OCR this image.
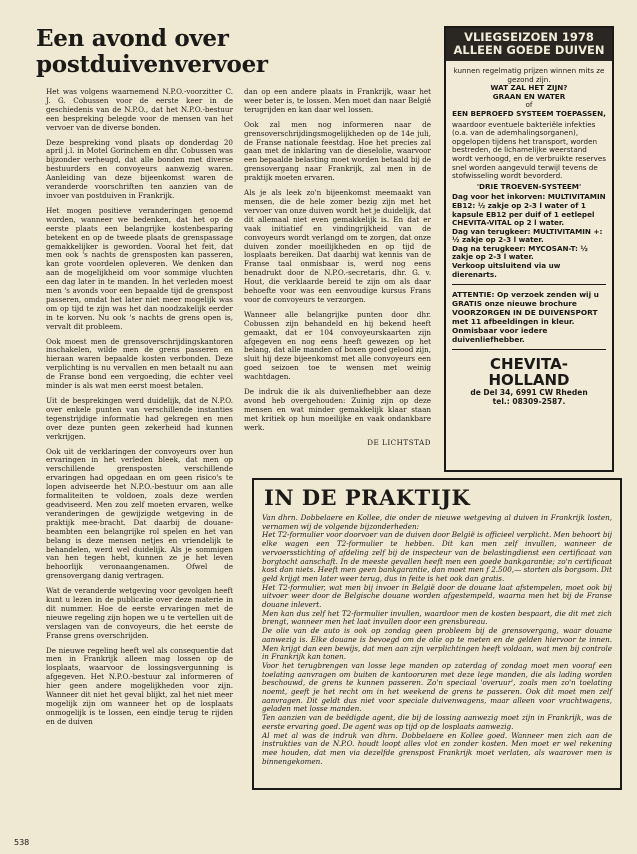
Een avond over postduivenvervoer

Het was volgens waarnemend N.P.O.-voorzitter C. J. G. Cobussen voor de eerste keer in de geschiedenis van de N.P.O., dat het N.P.O.-bestuur een bespreking belegde voor de mensen van het vervoer van de diverse bonden.

Deze bespreking vond plaats op donderdag 20 april j.l. in Motel Gorinchem en dhr. Cobussen was bijzonder verheugd, dat alle bonden met diverse bestuurders en convoyeurs aanwezig waren. Aanleiding van deze bijeenkomst waren de veranderde voorschriften ten aanzien van de invoer van postduiven in Frankrijk.

Het mogen positieve veranderingen genoemd worden, wanneer we bedenken, dat het op de eerste plaats een belangrijke kostenbesparing betekent en op de tweede plaats de grenspassage gemakkelijker is geworden. Vooral het feit, dat men ook 's nachts de grensposten kan passeren, kan grote voordelen opleveren. We denken dan aan de mogelijkheid om voor sommige vluchten een dag later in te manden. In het verleden moest men 's avonds voor een bepaalde tijd de grenspost passeren, omdat het later niet meer mogelijk was om op tijd te zijn was het dan noodzakelijk eerder in te korven. Nu ook 's nachts de grens open is, vervalt dit probleem.

Ook moest men de grensoverschrijdingskantoren inschakelen, wilde men de grens passeren en hieraan waren bepaalde kosten verbonden. Deze verplichting is nu vervallen en men betaalt nu aan de Franse bond een vergoeding, die echter veel minder is als wat men eerst moest betalen.

Uit de besprekingen werd duidelijk, dat de N.P.O. over enkele punten van verschillende instanties tegenstrijdige informatie had gekregen en men over deze punten geen zekerheid had kunnen verkrijgen.

Ook uit de verklaringen der convoyeurs over hun ervaringen in het verleden bleek, dat men op verschillende grensposten verschillende ervaringen had opgedaan en om geen risico's te lopen adviseerde het N.P.O.-bestuur om aan alle formaliteiten te voldoen, zoals deze werden geadviseerd. Men zou zelf moeten ervaren, welke veranderingen de gewijzigde wetgeving in de praktijk mee-bracht. Dat daarbij de douane-beambten een belangrijke rol spelen en het van belang is deze mensen netjes en vriendelijk te behandelen, werd wel duidelijk. Als je sommigen van hen tegen hebt, kunnen ze je het leven behoorlijk veronaangenamen. Ofwel de grensovergang danig vertragen.

Wat de veranderde wetgeving voor gevolgen heeft kunt u lezen in de publicatie over deze materie in dit nummer. Hoe de eerste ervaringen met de nieuwe regeling zijn hopen we u te vertellen uit de verslagen van de convoyeurs, die het eerste de Franse grens overschrijden.

De nieuwe regeling heeft wel als consequentie dat men in Frankrijk alleen mag lossen op de losplaats, waarvoor de lossingsvergunning is afgegeven. Het N.P.O.-bestuur zal informeren of hier geen andere mogelijkheden voor zijn. Wanneer dit niet het geval blijkt, zal het niet meer mogelijk zijn om wanneer het op de losplaats onmogelijk is te lossen, een eindje terug te rijden en de duiven

dan op een andere plaats in Frankrijk, waar het weer beter is, te lossen. Men moet dan naar België terugrijden en kan daar wel lossen.

Ook zal men nog informeren naar de grensoverschrijdingsmogelijkheden op de 14e juli, de Franse nationale feestdag. Hoe het precies zal gaan met de inklaring van de dieselolie, waarvoor een bepaalde belasting moet worden betaald bij de grensovergang naar Frankrijk, zal men in de praktijk moeten ervaren.

Als je als leek zo'n bijeenkomst meemaakt van mensen, die de hele zomer bezig zijn met het vervoer van onze duiven wordt het je duidelijk, dat dit allemaal niet even gemakkelijk is. En dat er vaak initiatief en vindingrijkheid van de convoyeurs wordt verlangd om te zorgen, dat onze duiven zonder moeilijkheden en op tijd de losplaats bereiken. Dat daarbij wat kennis van de Franse taal onmisbaar is, werd nog eens benadrukt door de N.P.O.-secretaris, dhr. G. v. Hout, die verklaarde bereid te zijn om als daar behoefte voor was een eenvoudige kursus Frans voor de convoyeurs te verzorgen.

Wanneer alle belangrijke punten door dhr. Cobussen zijn behandeld en hij bekend heeft gemaakt, dat er 104 convoyeurskaarten zijn afgegeven en nog eens heeft gewezen op het belang, dat alle manden of boxen goed gelood zijn, sluit hij deze bijeenkomst met alle convoyeurs een goed seizoen toe te wensen met weinig wachtdagen.

De indruk die ik als duivenliefhebber aan deze avond heb overgehouden: Zuinig zijn op deze mensen en wat minder gemakkelijk klaar staan met kritiek op hun moeilijke en vaak ondankbare werk.

DE LICHTSTAD

VLIEGSEIZOEN 1978 ALLEEN GOEDE DUIVEN
kunnen regelmatig prijzen winnen mits ze gezond zijn.
WAT ZAL HET ZIJN?
GRAAN EN WATER
of
EEN BEPROEFD SYSTEEM TOEPASSEN,
waardoor eventuele bakteriële infekties (o.a. van de ademhalingsorganen), opgelopen tijdens het transport, worden bestreden, de lichamelijke weerstand wordt verhoogd, en de verbruikte reserves snel worden aangevuld terwijl tevens de stofwisseling wordt bevorderd.
'DRIE TROEVEN-SYSTEEM'
Dag voor het inkorven: MULTIVITAMIN EB12: ½ zakje op 2-3 l water of 1 kapsule EB12 per duif of 1 eetlepel CHEVITA-VITAL op 2 l water.
Dag van terugkeer: MULTIVITAMIN +: ½ zakje op 2-3 l water.
Dag na terugkeer: MYCOSAN-T: ½ zakje op 2-3 l water.
Verkoop uitsluitend via uw dierenarts.
ATTENTIE: Op verzoek zenden wij u GRATIS onze nieuwe brochure VOORZORGEN IN DE DUIVENSPORT met 11 afbeeldingen in kleur. Onmisbaar voor iedere duivenliefhebber.
CHEVITA-HOLLAND
de Del 34, 6991 CW Rheden
tel.: 08309-2587.
IN DE PRAKTIJK

Van dhrn. Dobbelaere en Kollee, die onder de nieuwe wetgeving al duiven in Frankrijk losten, vernamen wij de volgende bijzonderheden:

Het T2-formulier voor doorvoer van de duiven door België is officieel verplicht. Men behoort bij elke wagen een T2-formulier te hebben. Dit kan men zelf invullen, wanneer de vervoersstichting of afdeling zelf bij de inspecteur van de belastingdienst een certificaat van borgtocht aanschaft. In de meeste gevallen heeft men een goede bankgarantie; zo'n certificaat kost dan niets. Heeft men geen bankgarantie, dan moet men f 2.500,— storten als borgsom. Dit geld krijgt men later weer terug, dus in feite is het ook dan gratis.

Het T2-formulier, wat men bij invoer in België door de douane laat afstempelen, moet ook bij uitvoer weer door de Belgische douane worden afgestempeld, waarna men het bij de Franse douane inlevert.

Men kan dus zelf het T2-formulier invullen, waardoor men de kosten bespaart, die dit met zich brengt, wanneer men het laat invullen door een grensbureau.

De olie van de auto is ook op zondag geen probleem bij de grensovergang, waar douane aanwezig is. Elke douane is bevoegd om de olie op te meten en de gelden hiervoor te innen. Men krijgt dan een bewijs, dat men aan zijn verplichtingen heeft voldaan, wat men bij controle in Frankrijk kan tonen.

Voor het terugbrengen van losse lege manden op zaterdag of zondag moet men vooraf een toelating aanvragen om buiten de kantooruren met deze lege manden, die als lading worden beschouwd, de grens te kunnen passeren. Zo'n speciaal 'overuur', zoals men zo'n toelating noemt, geeft je het recht om in het weekend de grens te passeren. Ook dit moet men zelf aanvragen. Dit geldt dus niet voor speciale duivenwagens, maar alleen voor vrachtwagens, geladen met losse manden.

Ten aanzien van de beëdigde agent, die bij de lossing aanwezig moet zijn in Frankrijk, was de eerste ervaring goed. De agent was op tijd op de losplaats aanwezig.

Al met al was de indruk van dhrn. Dobbelaere en Kollee goed. Wanneer men zich aan de instrukties van de N.P.O. houdt loopt alles vlot en zonder kosten. Men moet er wel rekening mee houden, dat men via dezelfde grenspost Frankrijk moet verlaten, als waarover men is binnengekomen.

538
